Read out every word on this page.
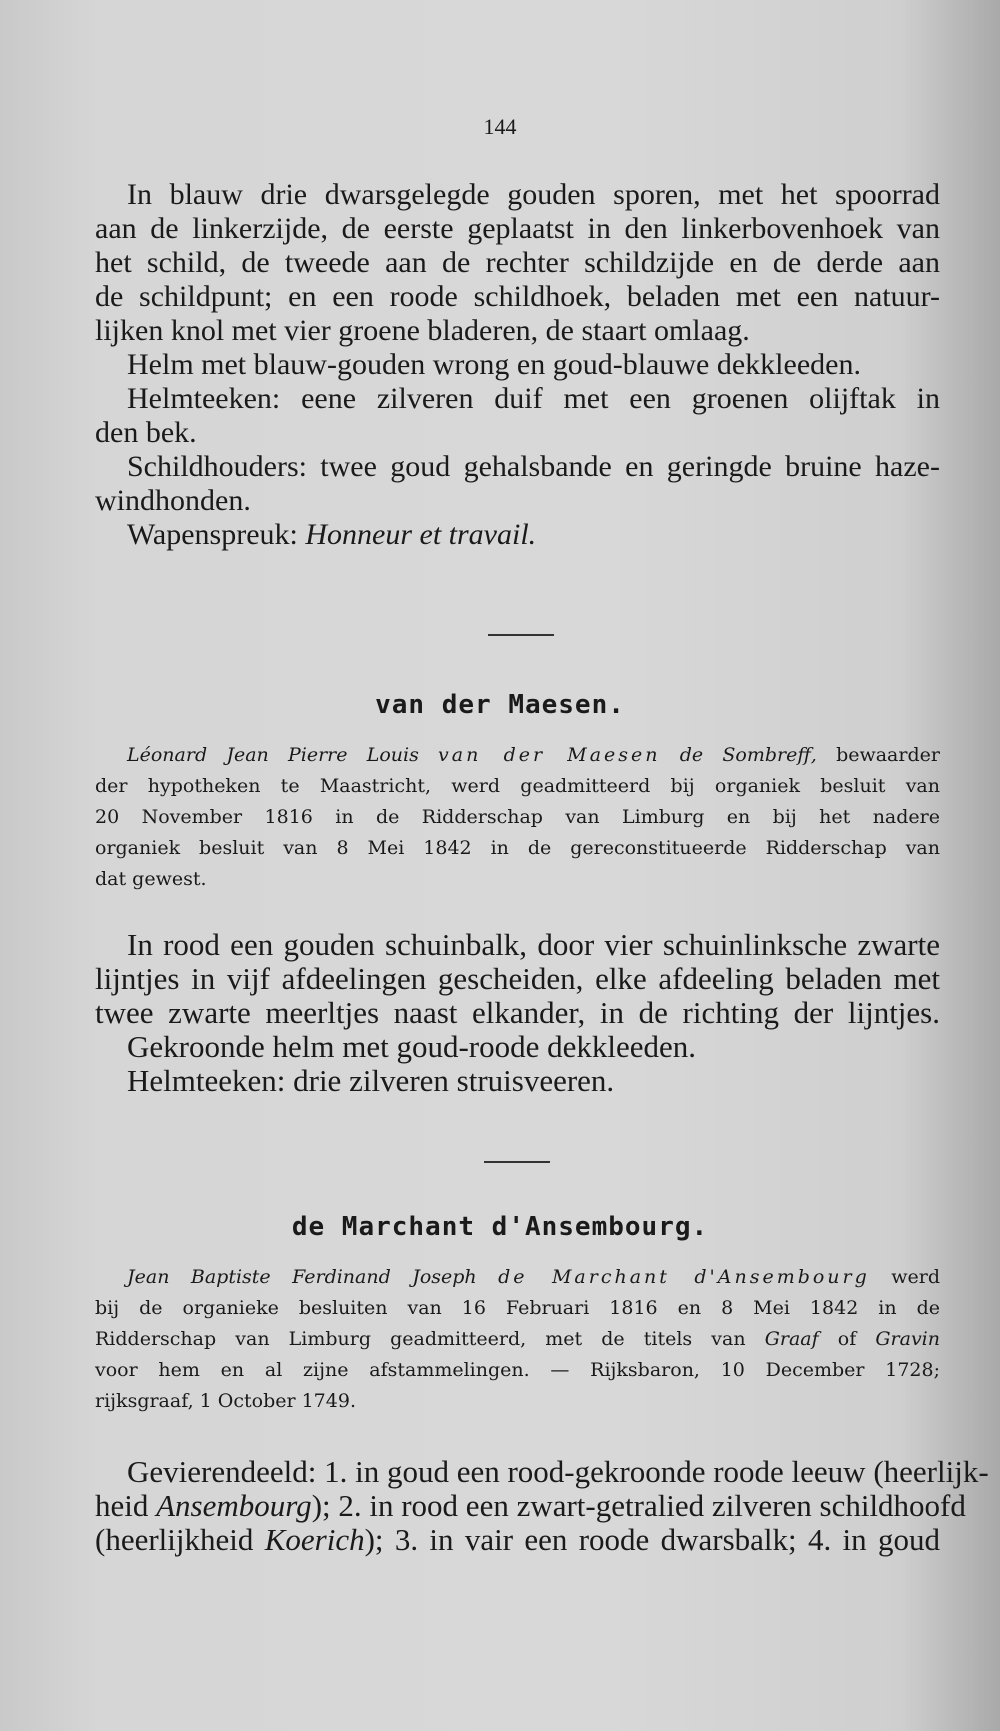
144
In blauw drie dwarsgelegde gouden sporen, met het spoorrad
aan de linkerzijde, de eerste geplaatst in den linkerbovenhoek van
het schild, de tweede aan de rechter schildzijde en de derde aan
de schildpunt; en een roode schildhoek, beladen met een natuur-
lijken knol met vier groene bladeren, de staart omlaag.
Helm met blauw-gouden wrong en goud-blauwe dekkleeden.
Helmteeken: eene zilveren duif met een groenen olijftak in
den bek.
Schildhouders: twee goud gehalsbande en geringde bruine haze-
windhonden.
Wapenspreuk: Honneur et travail.
van der Maesen.
Léonard Jean Pierre Louis van der Maesen de Sombreff, bewaarder
der hypotheken te Maastricht, werd geadmitteerd bij organiek besluit van
20 November 1816 in de Ridderschap van Limburg en bij het nadere
organiek besluit van 8 Mei 1842 in de gereconstitueerde Ridderschap van
dat gewest.
In rood een gouden schuinbalk, door vier schuinlinksche zwarte
lijntjes in vijf afdeelingen gescheiden, elke afdeeling beladen met
twee zwarte meerltjes naast elkander, in de richting der lijntjes.
Gekroonde helm met goud-roode dekkleeden.
Helmteeken: drie zilveren struisveeren.
de Marchant d'Ansembourg.
Jean Baptiste Ferdinand Joseph de Marchant d'Ansembourg werd
bij de organieke besluiten van 16 Februari 1816 en 8 Mei 1842 in de
Ridderschap van Limburg geadmitteerd, met de titels van Graaf of Gravin
voor hem en al zijne afstammelingen. — Rijksbaron, 10 December 1728;
rijksgraaf, 1 October 1749.
Gevierendeeld: 1. in goud een rood-gekroonde roode leeuw (heerlijk-
heid Ansembourg); 2. in rood een zwart-getralied zilveren schildhoofd
(heerlijkheid Koerich); 3. in vair een roode dwarsbalk; 4. in goud
